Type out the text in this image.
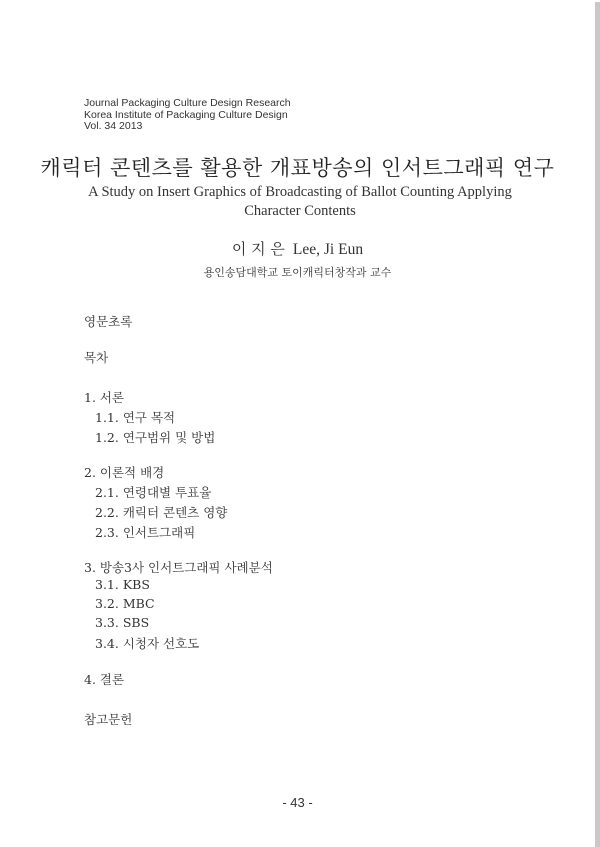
Journal Packaging Culture Design Research
Korea Institute of Packaging Culture Design
Vol. 34 2013
캐릭터 콘텐츠를 활용한 개표방송의 인서트그래픽 연구
A Study on Insert Graphics of Broadcasting of Ballot Counting Applying Character Contents
이 지 은 Lee, Ji Eun
용인송담대학교 토이캐릭터창작과 교수
영문초록
목차
1. 서론
1.1. 연구 목적
1.2. 연구범위 및 방법
2. 이론적 배경
2.1. 연령대별 투표율
2.2. 캐릭터 콘텐츠 영향
2.3. 인서트그래픽
3. 방송3사 인서트그래픽 사례분석
3.1. KBS
3.2. MBC
3.3. SBS
3.4. 시청자 선호도
4. 결론
참고문헌
- 43 -
